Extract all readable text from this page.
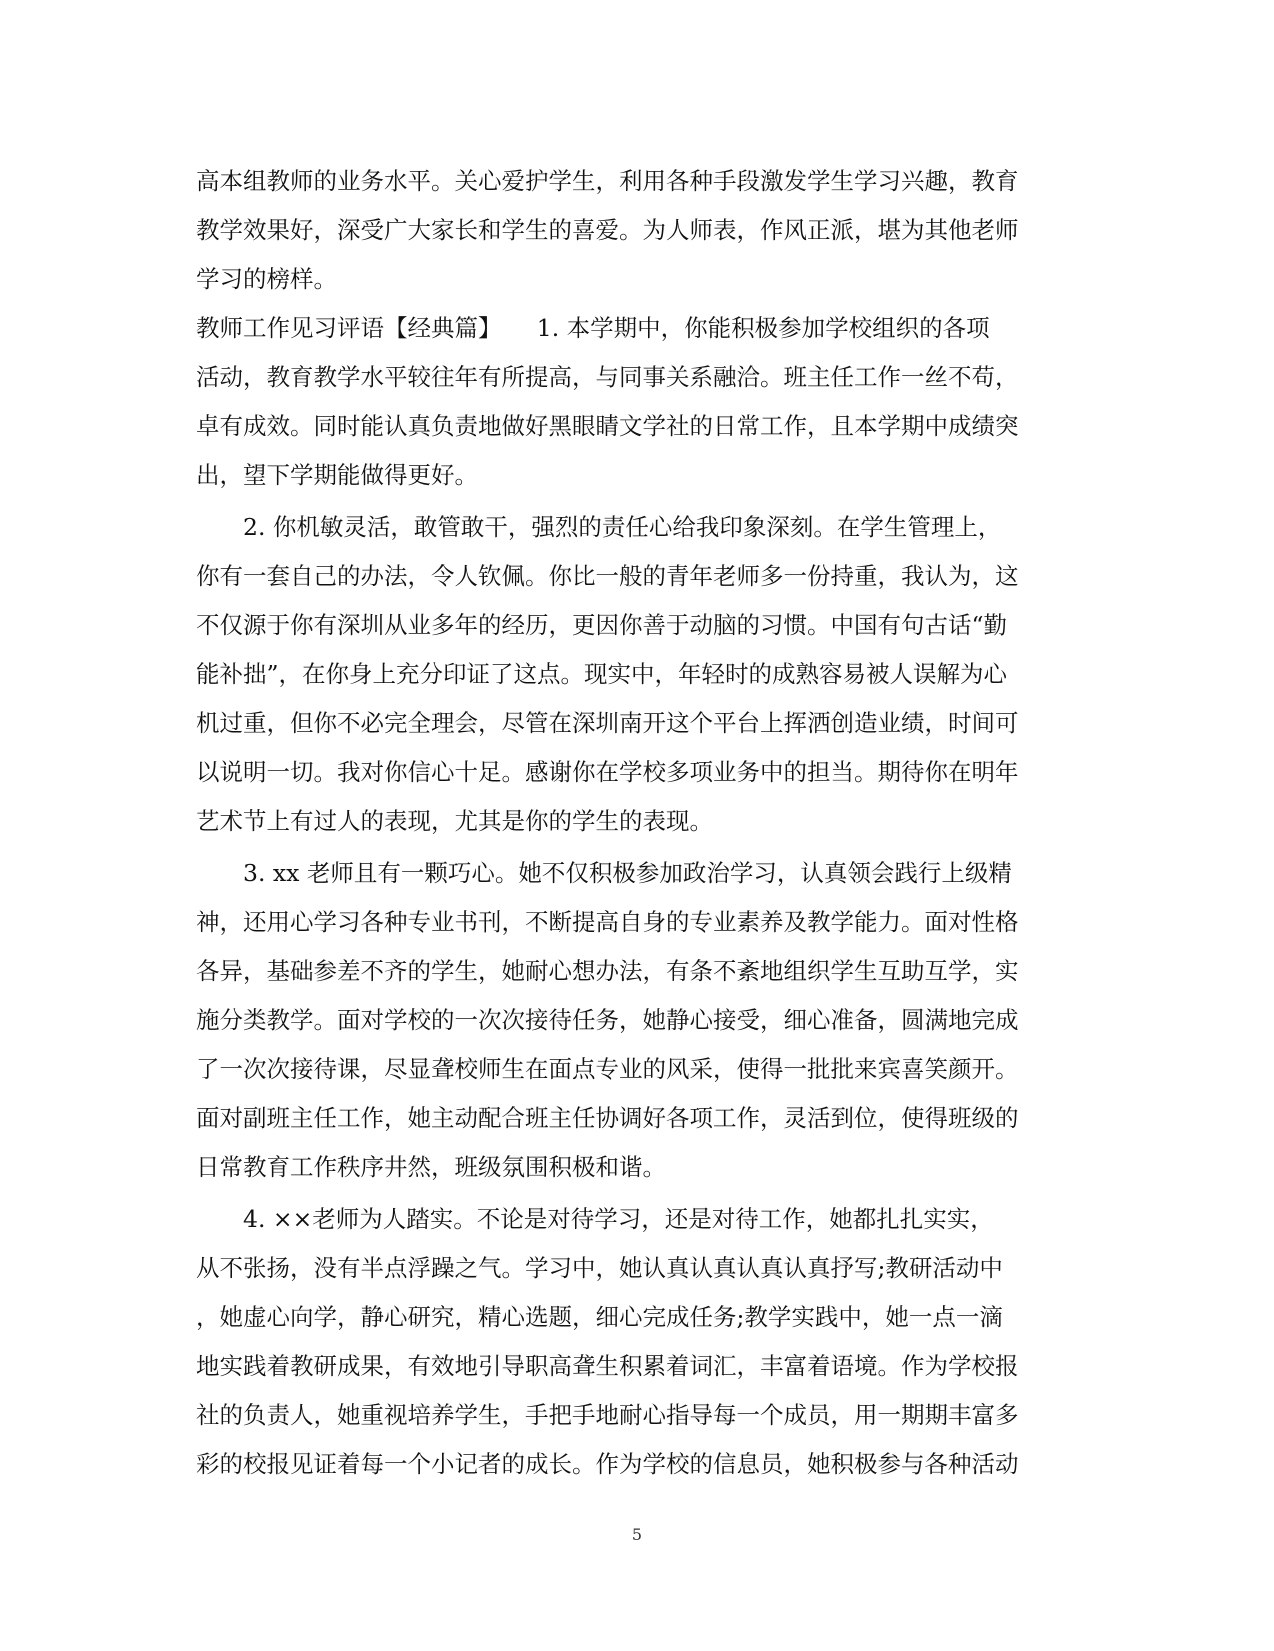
高本组教师的业务水平。关心爱护学生，利用各种手段激发学生学习兴趣，教育
教学效果好，深受广大家长和学生的喜爱。为人师表，作风正派，堪为其他老师
学习的榜样。
教师工作见习评语【经典篇】　　1. 本学期中，你能积极参加学校组织的各项
活动，教育教学水平较往年有所提高，与同事关系融洽。班主任工作一丝不苟，
卓有成效。同时能认真负责地做好黑眼睛文学社的日常工作，且本学期中成绩突
出，望下学期能做得更好。
　　2. 你机敏灵活，敢管敢干，强烈的责任心给我印象深刻。在学生管理上，
你有一套自己的办法，令人钦佩。你比一般的青年老师多一份持重，我认为，这
不仅源于你有深圳从业多年的经历，更因你善于动脑的习惯。中国有句古话“勤
能补拙”，在你身上充分印证了这点。现实中，年轻时的成熟容易被人误解为心
机过重，但你不必完全理会，尽管在深圳南开这个平台上挥洒创造业绩，时间可
以说明一切。我对你信心十足。感谢你在学校多项业务中的担当。期待你在明年
艺术节上有过人的表现，尤其是你的学生的表现。
　　3. xx 老师且有一颗巧心。她不仅积极参加政治学习，认真领会践行上级精
神，还用心学习各种专业书刊，不断提高自身的专业素养及教学能力。面对性格
各异，基础参差不齐的学生，她耐心想办法，有条不紊地组织学生互助互学，实
施分类教学。面对学校的一次次接待任务，她静心接受，细心准备，圆满地完成
了一次次接待课，尽显聋校师生在面点专业的风采，使得一批批来宾喜笑颜开。
面对副班主任工作，她主动配合班主任协调好各项工作，灵活到位，使得班级的
日常教育工作秩序井然，班级氛围积极和谐。
　　4. ××老师为人踏实。不论是对待学习，还是对待工作，她都扎扎实实，
从不张扬，没有半点浮躁之气。学习中，她认真认真认真认真抒写;教研活动中
，她虚心向学，静心研究，精心选题，细心完成任务;教学实践中，她一点一滴
地实践着教研成果，有效地引导职高聋生积累着词汇，丰富着语境。作为学校报
社的负责人，她重视培养学生，手把手地耐心指导每一个成员，用一期期丰富多
彩的校报见证着每一个小记者的成长。作为学校的信息员，她积极参与各种活动
5
